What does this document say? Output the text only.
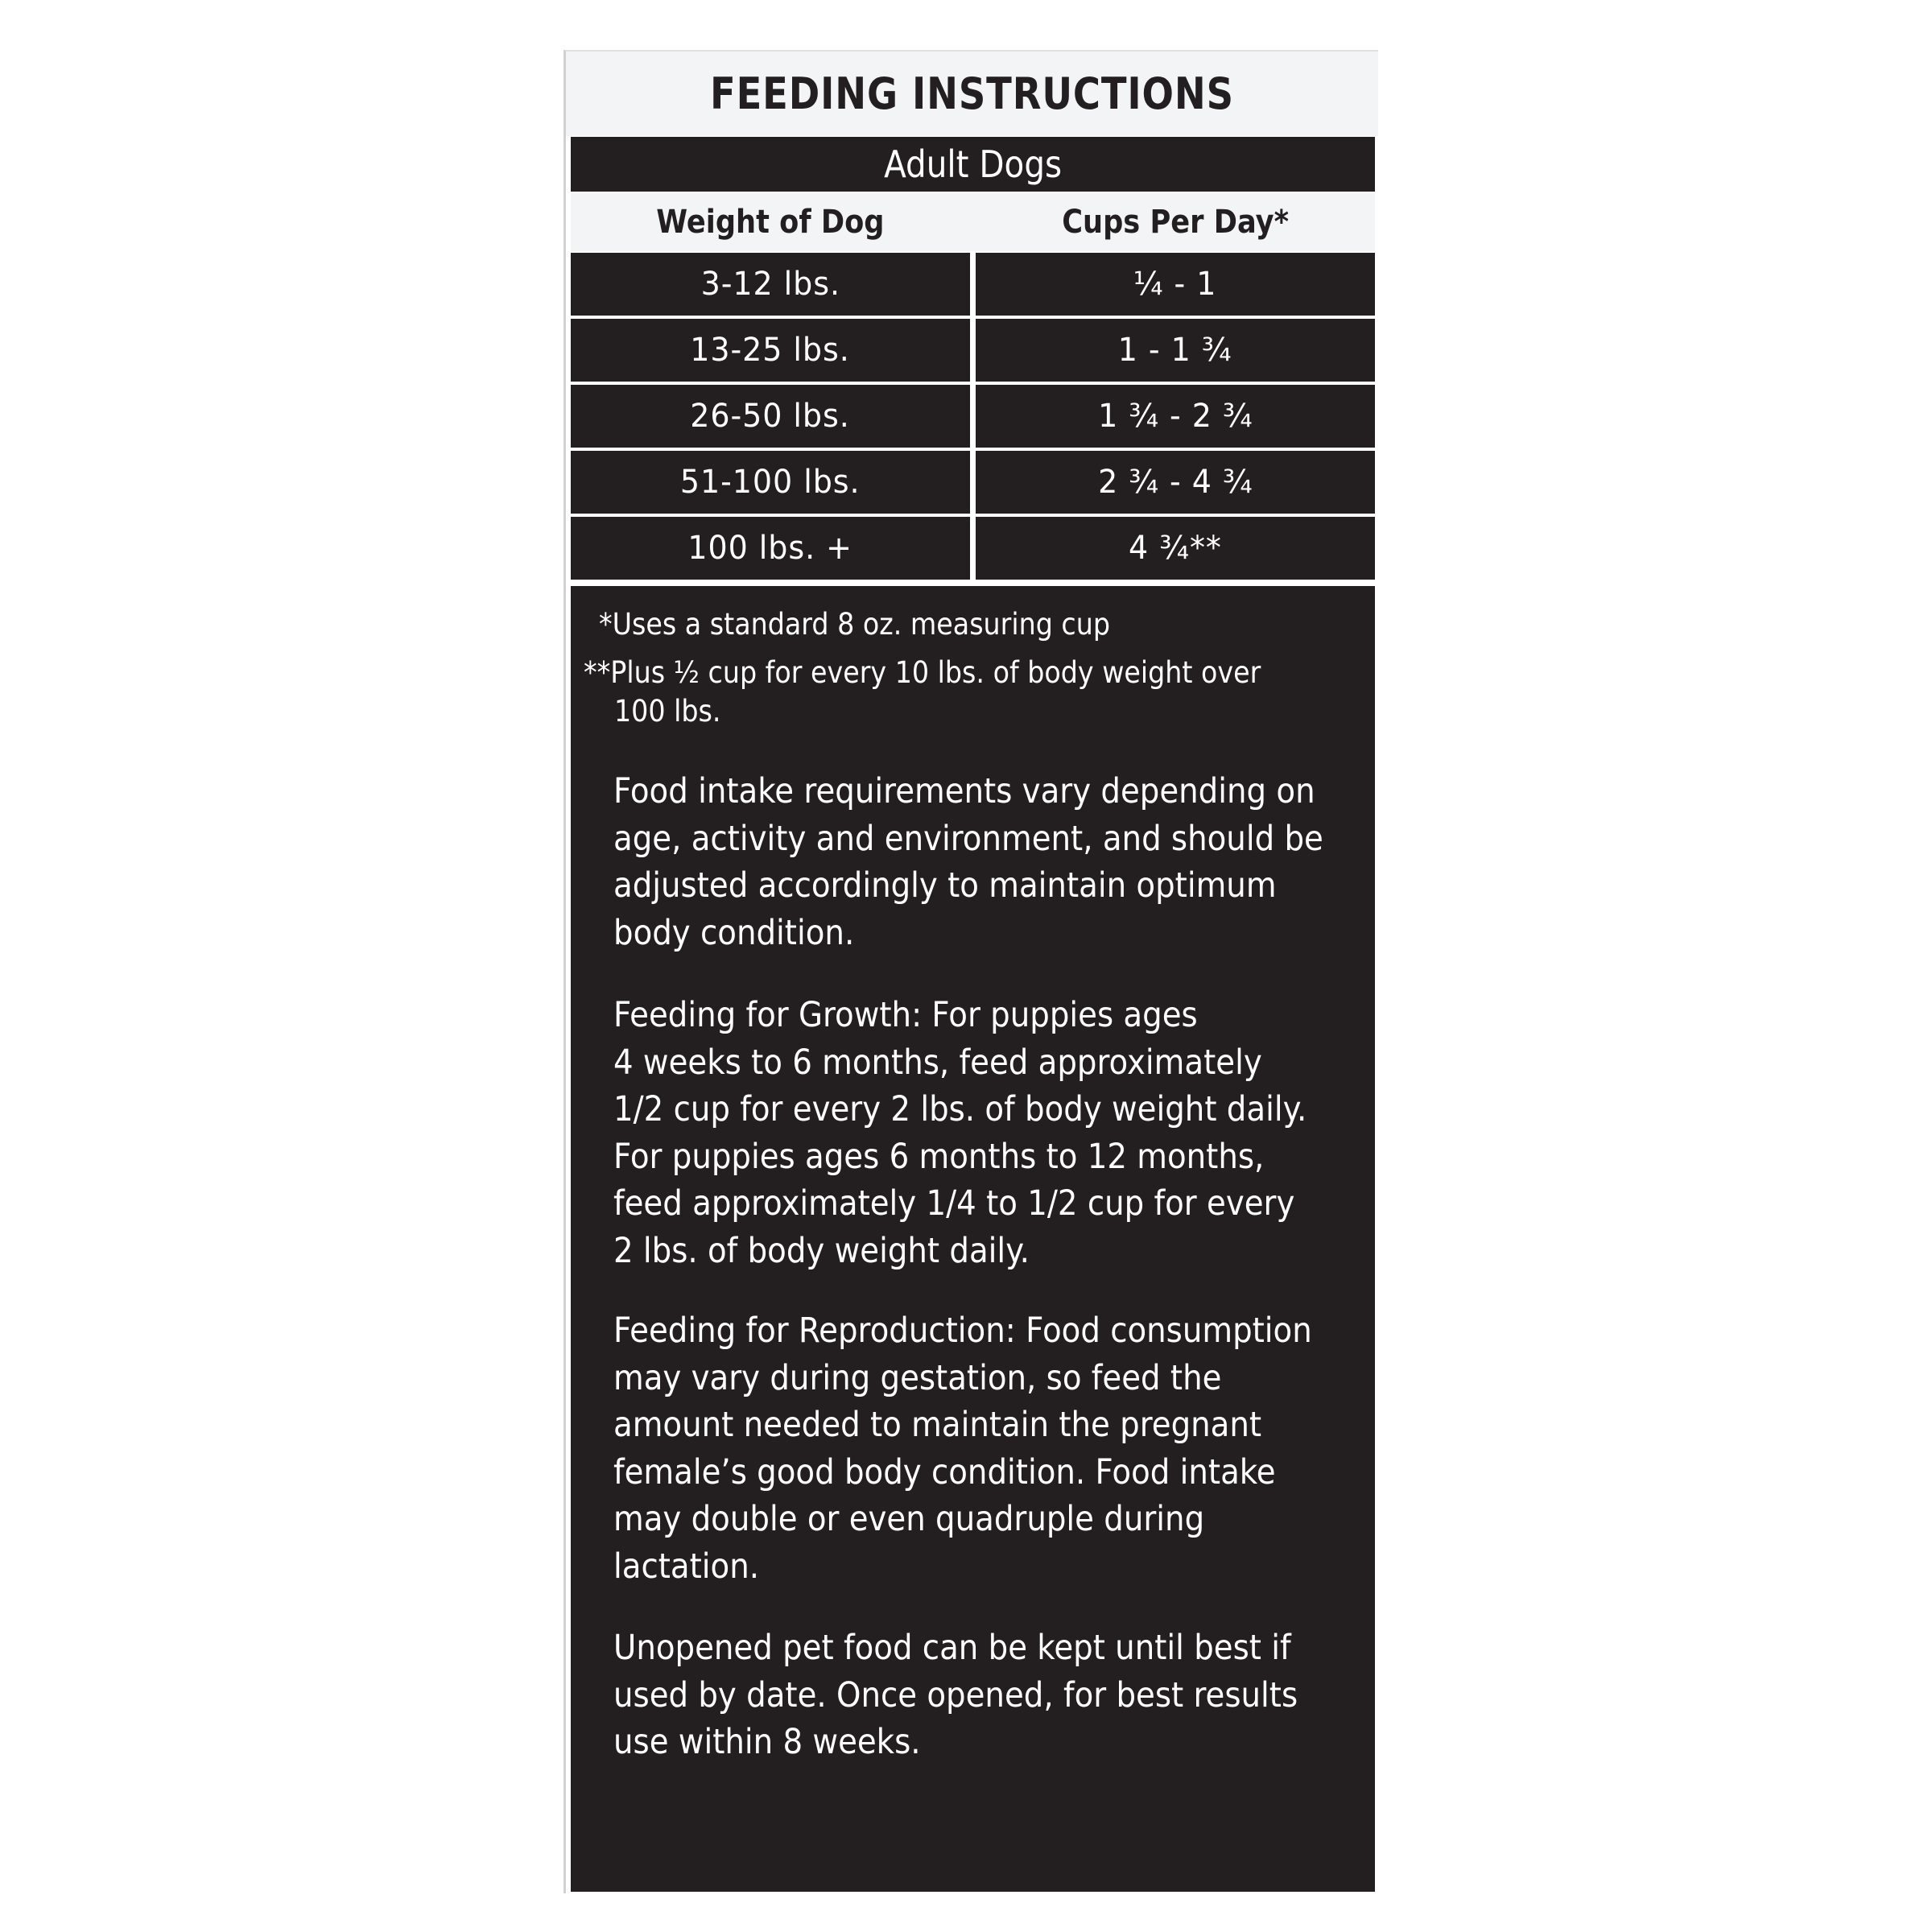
FEEDING INSTRUCTIONS
Adult Dogs
Weight of Dog	Cups Per Day*
3-12 lbs.	¼ - 1
13-25 lbs.	1 - 1 ¾
26-50 lbs.	1 ¾ - 2 ¾
51-100 lbs.	2 ¾ - 4 ¾
100 lbs. +	4 ¾**
*Uses a standard 8 oz. measuring cup
**Plus ½ cup for every 10 lbs. of body weight over
100 lbs.
Food intake requirements vary depending on
age, activity and environment, and should be
adjusted accordingly to maintain optimum
body condition.
Feeding for Growth: For puppies ages
4 weeks to 6 months, feed approximately
1/2 cup for every 2 lbs. of body weight daily.
For puppies ages 6 months to 12 months,
feed approximately 1/4 to 1/2 cup for every
2 lbs. of body weight daily.
Feeding for Reproduction: Food consumption
may vary during gestation, so feed the
amount needed to maintain the pregnant
female’s good body condition. Food intake
may double or even quadruple during
lactation.
Unopened pet food can be kept until best if
used by date. Once opened, for best results
use within 8 weeks.
